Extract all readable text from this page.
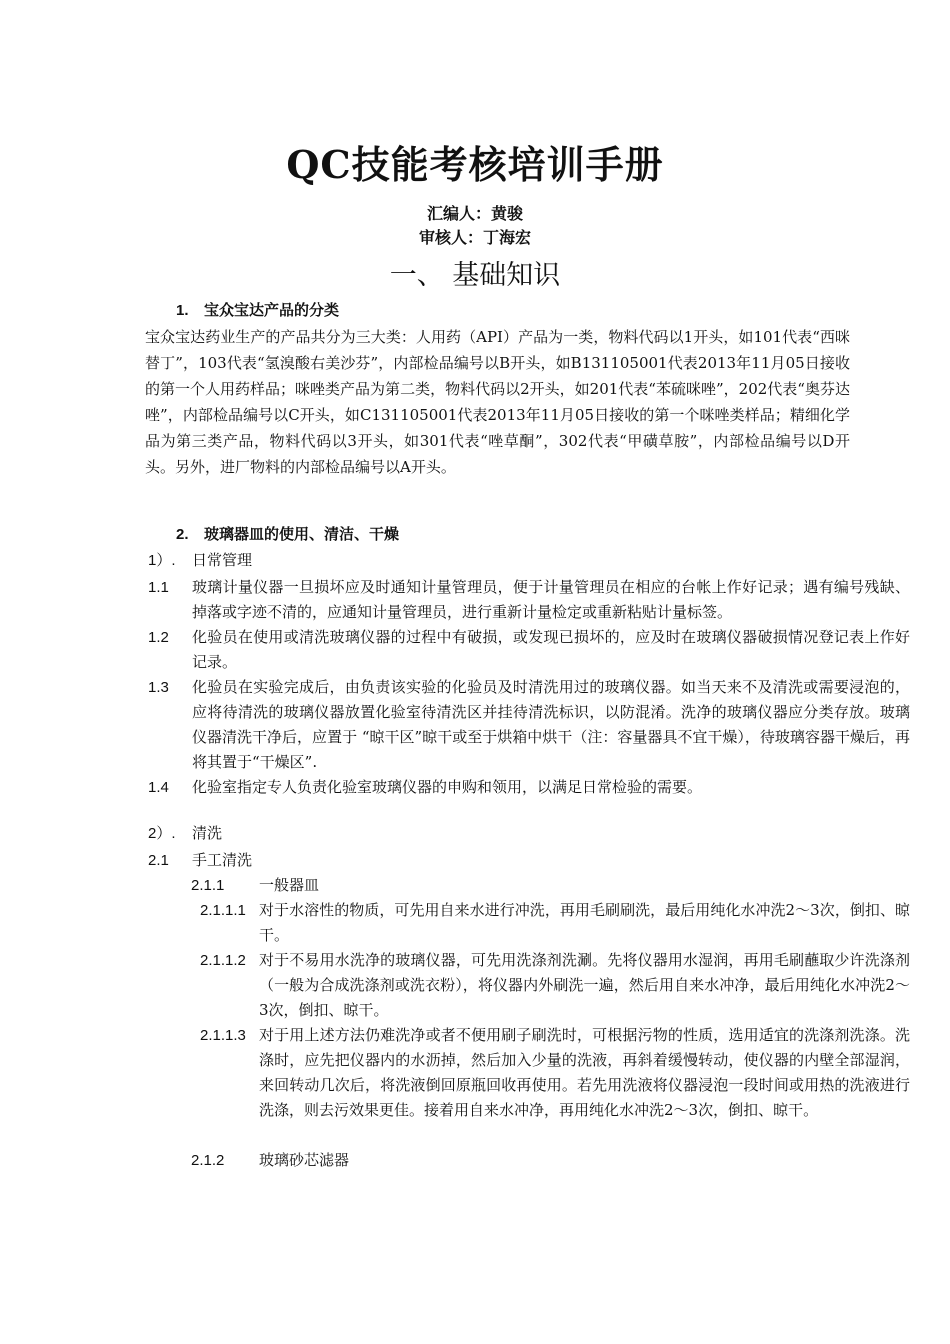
QC技能考核培训手册
汇编人：黄骏
审核人：丁海宏
一、 基础知识
1. 宝众宝达产品的分类
宝众宝达药业生产的产品共分为三大类：人用药（API）产品为一类，物料代码以1开头，如101代表“西咪替丁”，103代表“氢溴酸右美沙芬”，内部检品编号以B开头，如B131105001代表2013年11月05日接收的第一个人用药样品；咪唑类产品为第二类，物料代码以2开头，如201代表“苯硫咪唑”，202代表“奥芬达唑”，内部检品编号以C开头，如C131105001代表2013年11月05日接收的第一个咪唑类样品；精细化学品为第三类产品，物料代码以3开头，如301代表“唑草酮”，302代表“甲磺草胺”，内部检品编号以D开头。另外，进厂物料的内部检品编号以A开头。
2. 玻璃器皿的使用、清洁、干燥
1）. 日常管理
1.1 玻璃计量仪器一旦损坏应及时通知计量管理员，便于计量管理员在相应的台帐上作好记录；遇有编号残缺、掉落或字迹不清的，应通知计量管理员，进行重新计量检定或重新粘贴计量标签。
1.2 化验员在使用或清洗玻璃仪器的过程中有破损，或发现已损坏的，应及时在玻璃仪器破损情况登记表上作好记录。
1.3 化验员在实验完成后，由负责该实验的化验员及时清洗用过的玻璃仪器。如当天来不及清洗或需要浸泡的，应将待清洗的玻璃仪器放置化验室待清洗区并挂待清洗标识，以防混淆。洗净的玻璃仪器应分类存放。玻璃仪器清洗干净后，应置于 “晾干区”晾干或至于烘箱中烘干（注：容量器具不宜干燥），待玻璃容器干燥后，再将其置于“干燥区”.
1.4 化验室指定专人负责化验室玻璃仪器的申购和领用，以满足日常检验的需要。
2）. 清洗
2.1 手工清洗
2.1.1 一般器皿
2.1.1.1 对于水溶性的物质，可先用自来水进行冲洗，再用毛刷刷洗，最后用纯化水冲洗2～3次，倒扣、晾干。
2.1.1.2 对于不易用水洗净的玻璃仪器，可先用洗涤剂洗涮。先将仪器用水湿润，再用毛刷蘸取少许洗涤剂（一般为合成洗涤剂或洗衣粉），将仪器内外刷洗一遍，然后用自来水冲净，最后用纯化水冲洗2～3次，倒扣、晾干。
2.1.1.3 对于用上述方法仍难洗净或者不便用刷子刷洗时，可根据污物的性质，选用适宜的洗涤剂洗涤。洗涤时，应先把仪器内的水沥掉，然后加入少量的洗液，再斜着缓慢转动，使仪器的内壁全部湿润，来回转动几次后，将洗液倒回原瓶回收再使用。若先用洗液将仪器浸泡一段时间或用热的洗液进行洗涤，则去污效果更佳。接着用自来水冲净，再用纯化水冲洗2～3次，倒扣、晾干。
2.1.2 玻璃砂芯滤器
